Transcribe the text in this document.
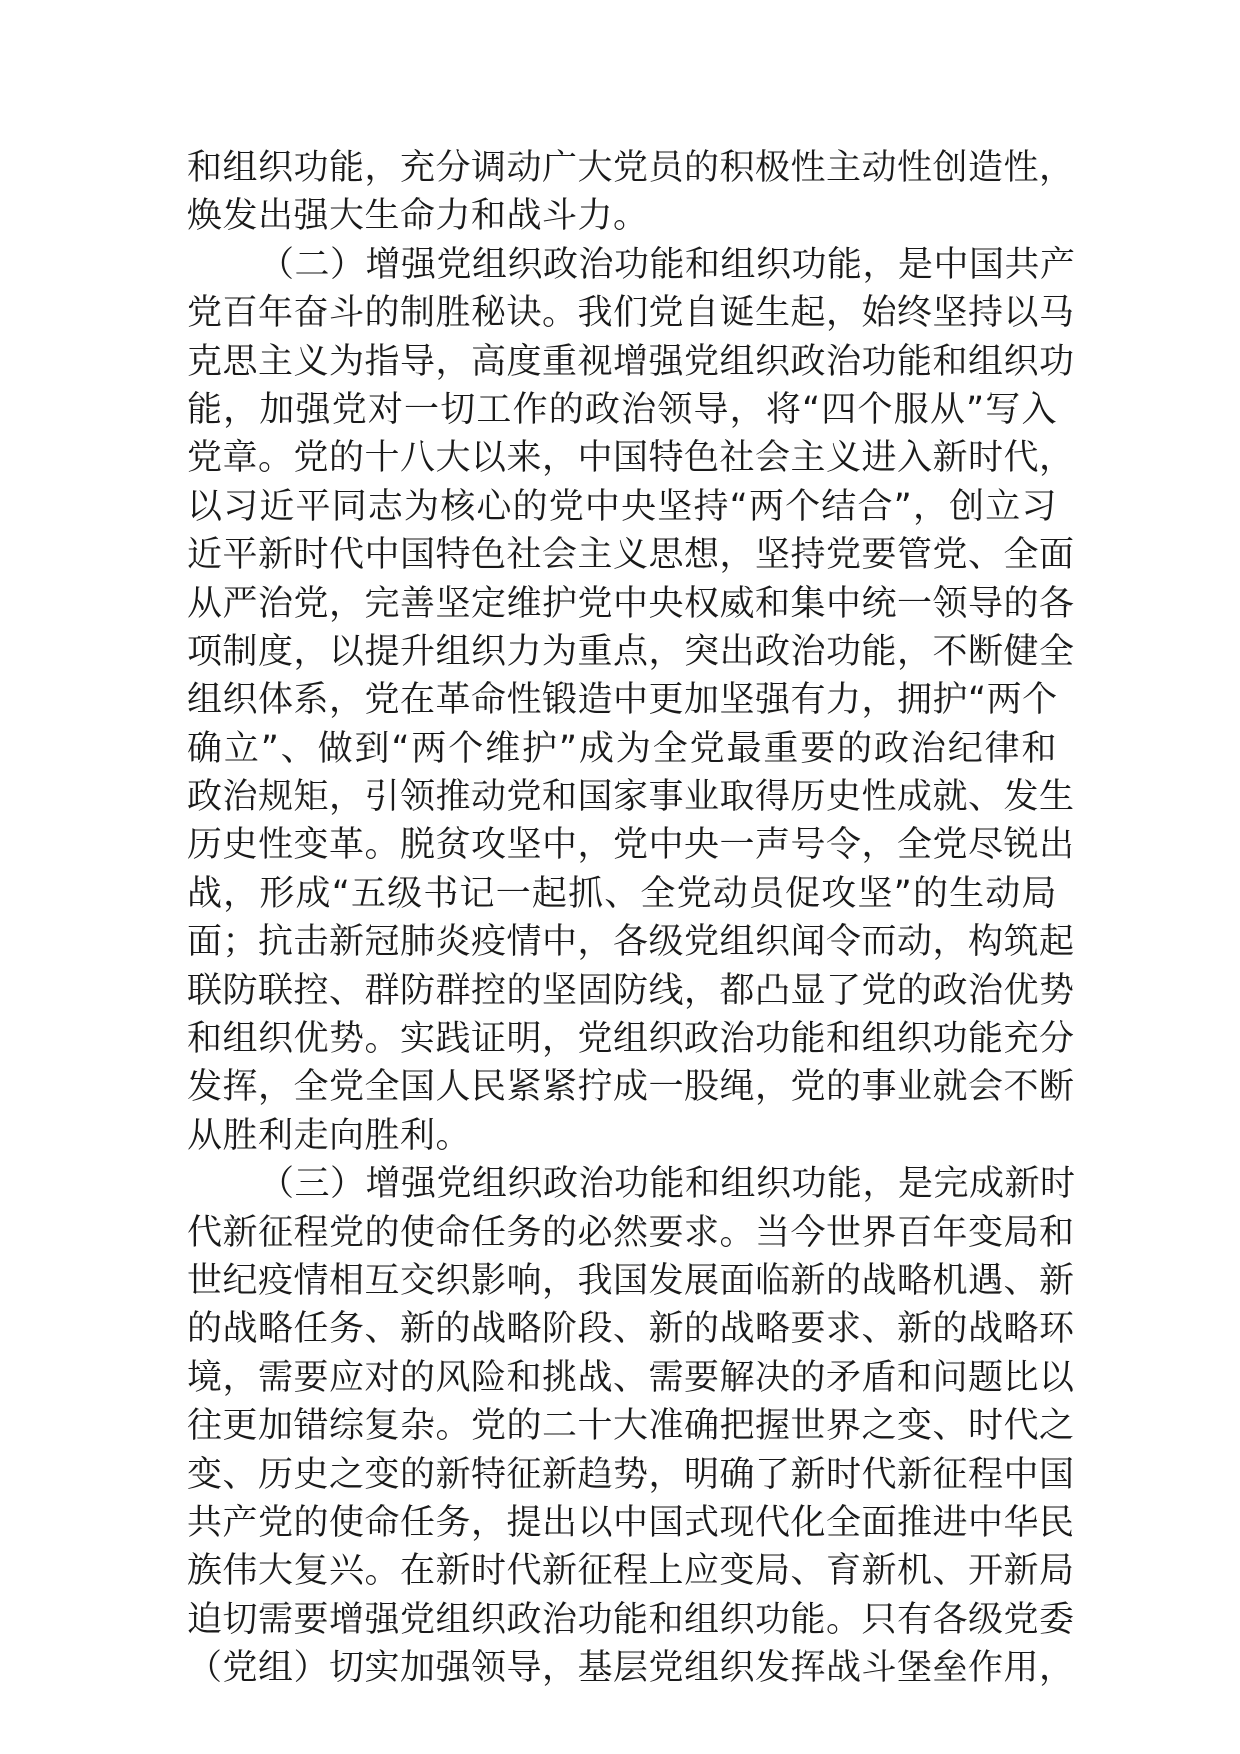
和组织功能，充分调动广大党员的积极性主动性创造性，
焕发出强大生命力和战斗力。
（二）增强党组织政治功能和组织功能，是中国共产
党百年奋斗的制胜秘诀。我们党自诞生起，始终坚持以马
克思主义为指导，高度重视增强党组织政治功能和组织功
能，加强党对一切工作的政治领导，将“四个服从”写入
党章。党的十八大以来，中国特色社会主义进入新时代，
以习近平同志为核心的党中央坚持“两个结合”，创立习
近平新时代中国特色社会主义思想，坚持党要管党、全面
从严治党，完善坚定维护党中央权威和集中统一领导的各
项制度，以提升组织力为重点，突出政治功能，不断健全
组织体系，党在革命性锻造中更加坚强有力，拥护“两个
确立”、做到“两个维护”成为全党最重要的政治纪律和
政治规矩，引领推动党和国家事业取得历史性成就、发生
历史性变革。脱贫攻坚中，党中央一声号令，全党尽锐出
战，形成“五级书记一起抓、全党动员促攻坚”的生动局
面；抗击新冠肺炎疫情中，各级党组织闻令而动，构筑起
联防联控、群防群控的坚固防线，都凸显了党的政治优势
和组织优势。实践证明，党组织政治功能和组织功能充分
发挥，全党全国人民紧紧拧成一股绳，党的事业就会不断
从胜利走向胜利。
（三）增强党组织政治功能和组织功能，是完成新时
代新征程党的使命任务的必然要求。当今世界百年变局和
世纪疫情相互交织影响，我国发展面临新的战略机遇、新
的战略任务、新的战略阶段、新的战略要求、新的战略环
境，需要应对的风险和挑战、需要解决的矛盾和问题比以
往更加错综复杂。党的二十大准确把握世界之变、时代之
变、历史之变的新特征新趋势，明确了新时代新征程中国
共产党的使命任务，提出以中国式现代化全面推进中华民
族伟大复兴。在新时代新征程上应变局、育新机、开新局
迫切需要增强党组织政治功能和组织功能。只有各级党委
（党组）切实加强领导，基层党组织发挥战斗堡垒作用，
